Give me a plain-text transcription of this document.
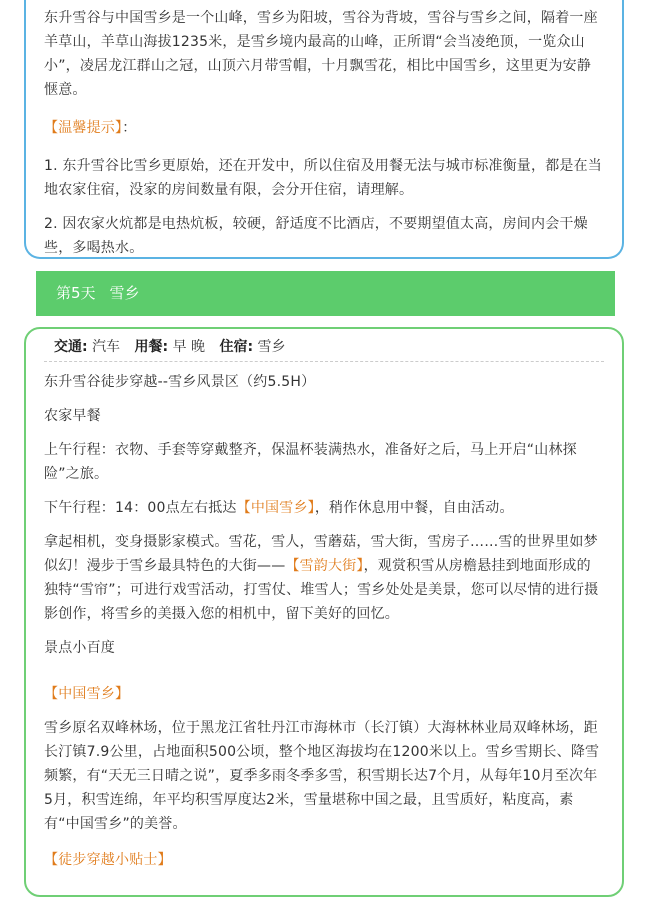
东升雪谷与中国雪乡是一个山峰，雪乡为阳坡，雪谷为背坡，雪谷与雪乡之间，隔着一座羊草山，羊草山海拔1235米，是雪乡境内最高的山峰，正所谓“会当凌绝顶，一览众山小”，凌居龙江群山之冠，山顶六月带雪帽，十月飘雪花，相比中国雪乡，这里更为安静惬意。

【温馨提示】：

1. 东升雪谷比雪乡更原始，还在开发中，所以住宿及用餐无法与城市标准衡量，都是在当地农家住宿，没家的房间数量有限，会分开住宿，请理解。

2. 因农家火炕都是电热炕板，较硬，舒适度不比酒店，不要期望值太高，房间内会干燥些，多喝热水。

第5天 雪乡
交通: 汽车 用餐: 早 晚 住宿: 雪乡

东升雪谷徒步穿越--雪乡风景区（约5.5H）

农家早餐

上午行程：衣物、手套等穿戴整齐，保温杯装满热水，准备好之后，马上开启“山林探险”之旅。

下午行程：14：00点左右抵达【中国雪乡】，稍作休息用中餐，自由活动。

拿起相机，变身摄影家模式。雪花，雪人，雪蘑菇，雪大街，雪房子……雪的世界里如梦似幻！漫步于雪乡最具特色的大街——【雪韵大街】，观赏积雪从房檐悬挂到地面形成的独特“雪帘”；可进行戏雪活动，打雪仗、堆雪人；雪乡处处是美景，您可以尽情的进行摄影创作，将雪乡的美摄入您的相机中，留下美好的回忆。

景点小百度

【中国雪乡】

雪乡原名双峰林场，位于黑龙江省牡丹江市海林市（长汀镇）大海林林业局双峰林场，距长汀镇7.9公里，占地面积500公顷，整个地区海拔均在1200米以上。雪乡雪期长、降雪频繁，有“天无三日晴之说”，夏季多雨冬季多雪，积雪期长达7个月，从每年10月至次年5月，积雪连绵，年平均积雪厚度达2米，雪量堪称中国之最，且雪质好，粘度高，素有“中国雪乡”的美誉。

【徒步穿越小贴士】
